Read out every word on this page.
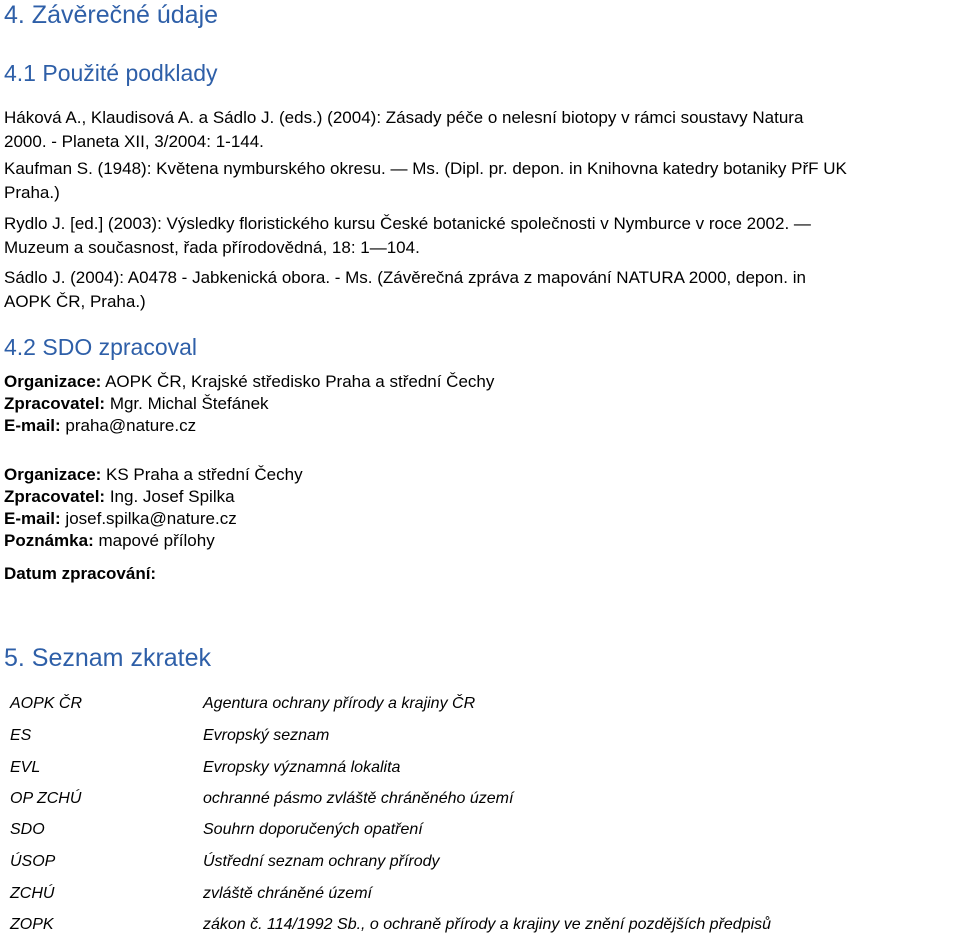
4. Závěrečné údaje
4.1 Použité podklady
Háková A., Klaudisová A. a Sádlo J. (eds.) (2004): Zásady péče o nelesní biotopy v rámci soustavy Natura
2000. - Planeta XII, 3/2004: 1-144.
Kaufman S. (1948): Květena nymburského okresu. — Ms. (Dipl. pr. depon. in Knihovna katedry botaniky PřF UK
Praha.)
Rydlo J. [ed.] (2003): Výsledky floristického kursu České botanické společnosti v Nymburce v roce 2002. —
Muzeum a současnost, řada přírodovědná, 18: 1—104.
Sádlo J. (2004): A0478 - Jabkenická obora. - Ms. (Závěrečná zpráva z mapování NATURA 2000, depon. in
AOPK ČR, Praha.)
4.2 SDO zpracoval
Organizace: AOPK ČR, Krajské středisko Praha a střední Čechy
Zpracovatel: Mgr. Michal Štefánek
E-mail: praha@nature.cz
Organizace: KS Praha a střední Čechy
Zpracovatel: Ing. Josef Spilka
E-mail: josef.spilka@nature.cz
Poznámka: mapové přílohy
Datum zpracování:
5. Seznam zkratek
AOPK ČR	Agentura ochrany přírody a krajiny ČR
ES	Evropský seznam
EVL	Evropsky významná lokalita
OP ZCHÚ	ochranné pásmo zvláště chráněného území
SDO	Souhrn doporučených opatření
ÚSOP	Ústřední seznam ochrany přírody
ZCHÚ	zvláště chráněné území
ZOPK	zákon č. 114/1992 Sb., o ochraně přírody a krajiny ve znění pozdějších předpisů
